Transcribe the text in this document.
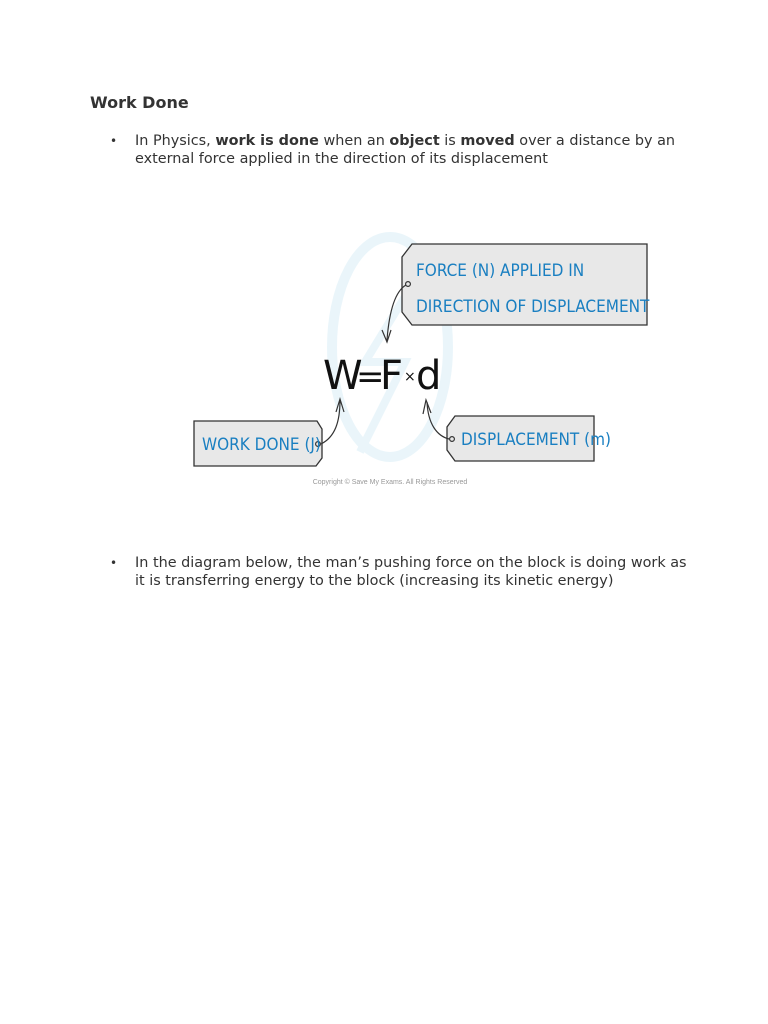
Work Done
• In Physics, work is done when an object is moved over a distance by an external force applied in the direction of its displacement
FORCE (N) APPLIED IN
DIRECTION OF DISPLACEMENT
WORK DONE (J)	DISPLACEMENT (m)
W
=
F × d
Copyright © Save My Exams. All Rights Reserved
• In the diagram below, the man’s pushing force on the block is doing work as it is transferring energy to the block (increasing its kinetic energy)
